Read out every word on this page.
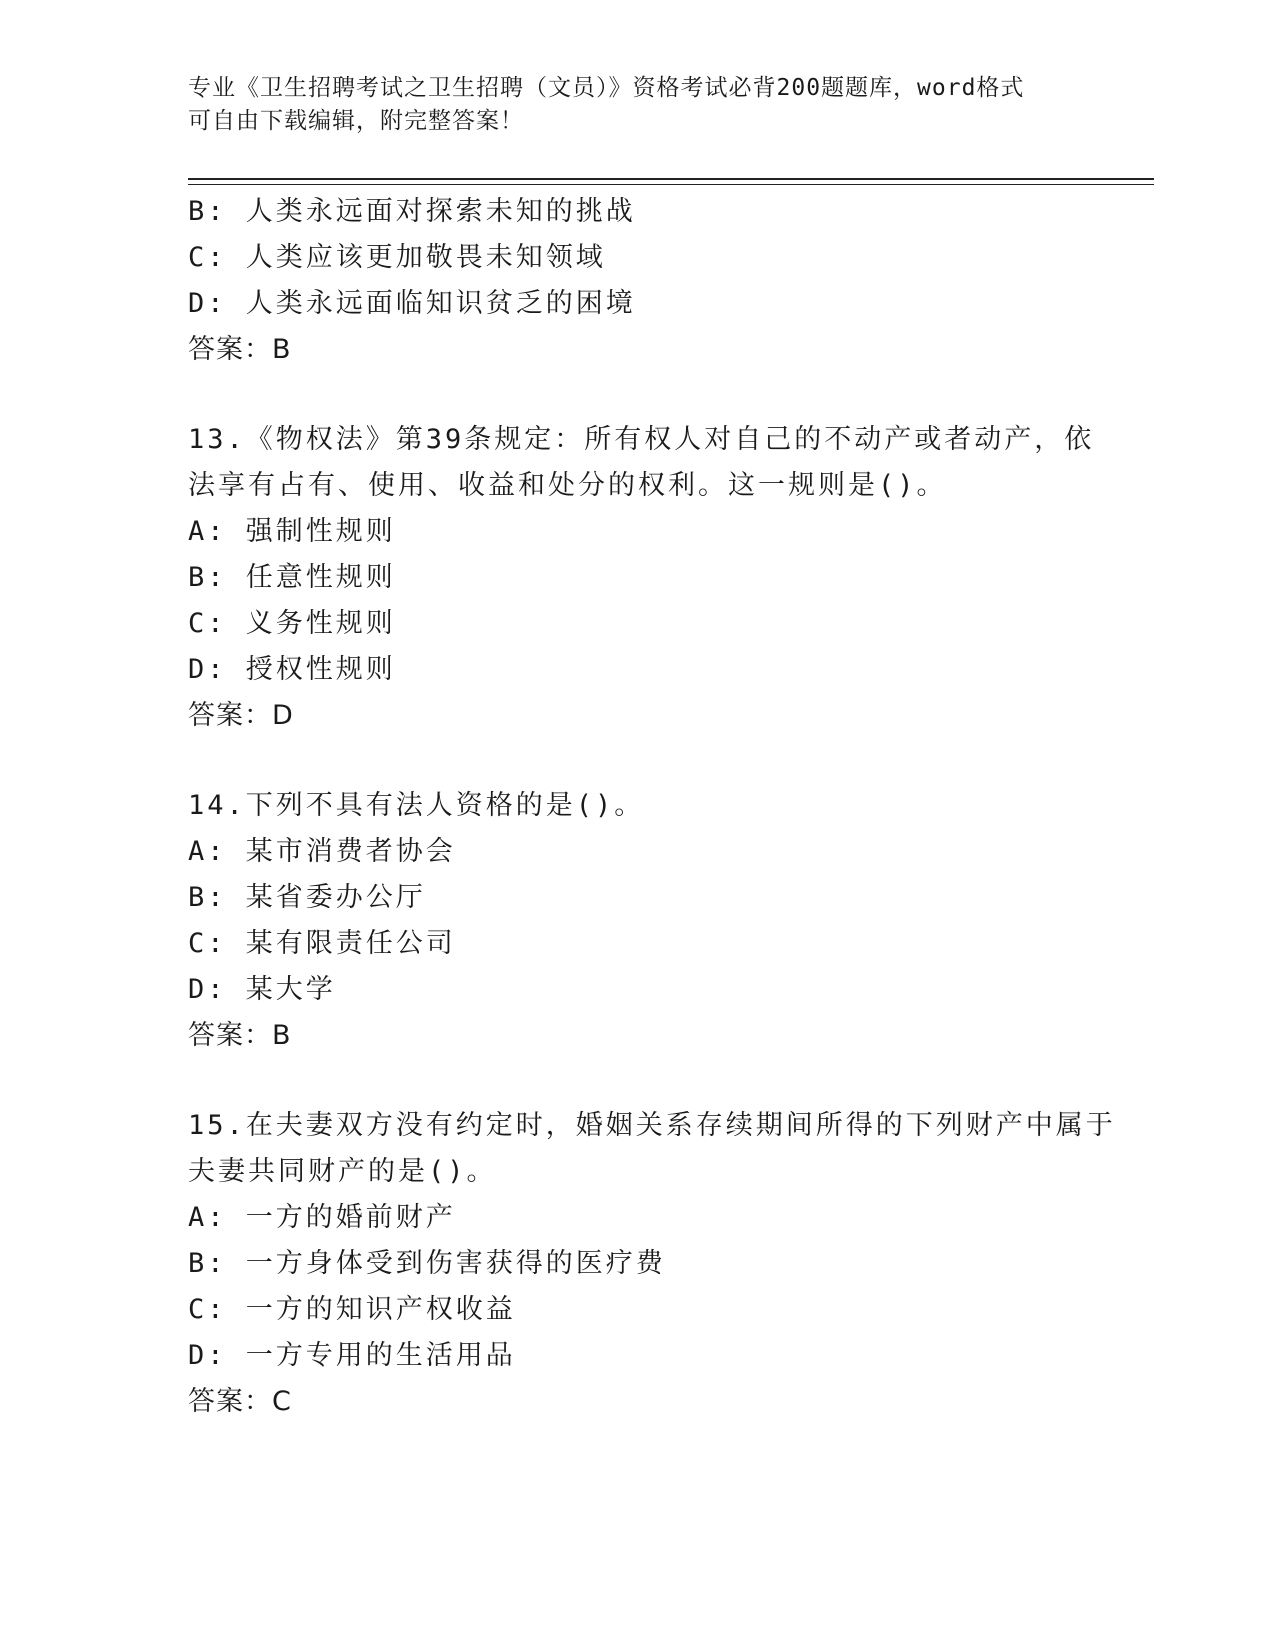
专业《卫生招聘考试之卫生招聘（文员）》资格考试必背200题题库，word格式
可自由下载编辑，附完整答案！
B: 人类永远面对探索未知的挑战
C: 人类应该更加敬畏未知领域
D: 人类永远面临知识贫乏的困境
答案：B
13.《物权法》第39条规定：所有权人对自己的不动产或者动产，依
法享有占有、使用、收益和处分的权利。这一规则是()。
A: 强制性规则
B: 任意性规则
C: 义务性规则
D: 授权性规则
答案：D
14.下列不具有法人资格的是()。
A: 某市消费者协会
B: 某省委办公厅
C: 某有限责任公司
D: 某大学
答案：B
15.在夫妻双方没有约定时，婚姻关系存续期间所得的下列财产中属于
夫妻共同财产的是()。
A: 一方的婚前财产
B: 一方身体受到伤害获得的医疗费
C: 一方的知识产权收益
D: 一方专用的生活用品
答案：C
